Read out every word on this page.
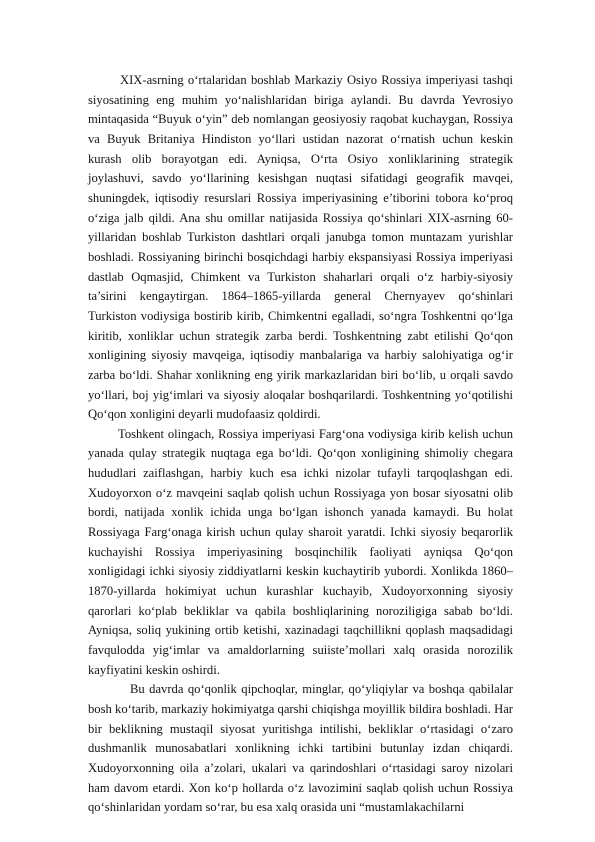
XIX-asrning o‘rtalaridan boshlab Markaziy Osiyo Rossiya imperiyasi tashqi siyosatining eng muhim yo‘nalishlaridan biriga aylandi. Bu davrda Yevrosiyo mintaqasida “Buyuk o‘yin” deb nomlangan geosiyosiy raqobat kuchaygan, Rossiya va Buyuk Britaniya Hindiston yo‘llari ustidan nazorat o‘rnatish uchun keskin kurash olib borayotgan edi. Ayniqsa, O‘rta Osiyo xonliklarining strategik joylashuvi, savdo yo‘llarining kesishgan nuqtasi sifatidagi geografik mavqei, shuningdek, iqtisodiy resurslari Rossiya imperiyasining e’tiborini tobora ko‘proq o‘ziga jalb qildi. Ana shu omillar natijasida Rossiya qo‘shinlari XIX-asrning 60-yillaridan boshlab Turkiston dashtlari orqali janubga tomon muntazam yurishlar boshladi. Rossiyaning birinchi bosqichdagi harbiy ekspansiyasi Rossiya imperiyasi dastlab Oqmasjid, Chimkent va Turkiston shaharlari orqali o‘z harbiy-siyosiy ta’sirini kengaytirgan. 1864–1865-yillarda general Chernyayev qo‘shinlari Turkiston vodiysiga bostirib kirib, Chimkentni egalladi, so‘ngra Toshkentni qo‘lga kiritib, xonliklar uchun strategik zarba berdi. Toshkentning zabt etilishi Qo‘qon xonligining siyosiy mavqeiga, iqtisodiy manbalariga va harbiy salohiyatiga og‘ir zarba bo‘ldi. Shahar xonlikning eng yirik markazlaridan biri bo‘lib, u orqali savdo yo‘llari, boj yig‘imlari va siyosiy aloqalar boshqarilardi. Toshkentning yo‘qotilishi Qo‘qon xonligini deyarli mudofaasiz qoldirdi.

Toshkent olingach, Rossiya imperiyasi Farg‘ona vodiysiga kirib kelish uchun yanada qulay strategik nuqtaga ega bo‘ldi. Qo‘qon xonligining shimoliy chegara hududlari zaiflashgan, harbiy kuch esa ichki nizolar tufayli tarqoqlashgan edi. Xudoyorxon o‘z mavqeini saqlab qolish uchun Rossiyaga yon bosar siyosatni olib bordi, natijada xonlik ichida unga bo‘lgan ishonch yanada kamaydi. Bu holat Rossiyaga Farg‘onaga kirish uchun qulay sharoit yaratdi. Ichki siyosiy beqarorlik kuchayishi Rossiya imperiyasining bosqinchilik faoliyati ayniqsa Qo‘qon xonligidagi ichki siyosiy ziddiyatlarni keskin kuchaytirib yubordi. Xonlikda 1860–1870-yillarda hokimiyat uchun kurashlar kuchayib, Xudoyorxonning siyosiy qarorlari ko‘plab bekliklar va qabila boshliqlarining noroziligiga sabab bo‘ldi. Ayniqsa, soliq yukining ortib ketishi, xazinadagi taqchillikni qoplash maqsadidagi favqulodda yig‘imlar va amaldorlarning suiiste’mollari xalq orasida norozilik kayfiyatini keskin oshirdi.

Bu davrda qo‘qonlik qipchoqlar, minglar, qo‘yliqiylar va boshqa qabilalar bosh ko‘tarib, markaziy hokimiyatga qarshi chiqishga moyillik bildira boshladi. Har bir beklikning mustaqil siyosat yuritishga intilishi, bekliklar o‘rtasidagi o‘zaro dushmanlik munosabatlari xonlikning ichki tartibini butunlay izdan chiqardi. Xudoyorxonning oila a’zolari, ukalari va qarindoshlari o‘rtasidagi saroy nizolari ham davom etardi. Xon ko‘p hollarda o‘z lavozimini saqlab qolish uchun Rossiya qo‘shinlaridan yordam so‘rar, bu esa xalq orasida uni “mustamlakachilarni
